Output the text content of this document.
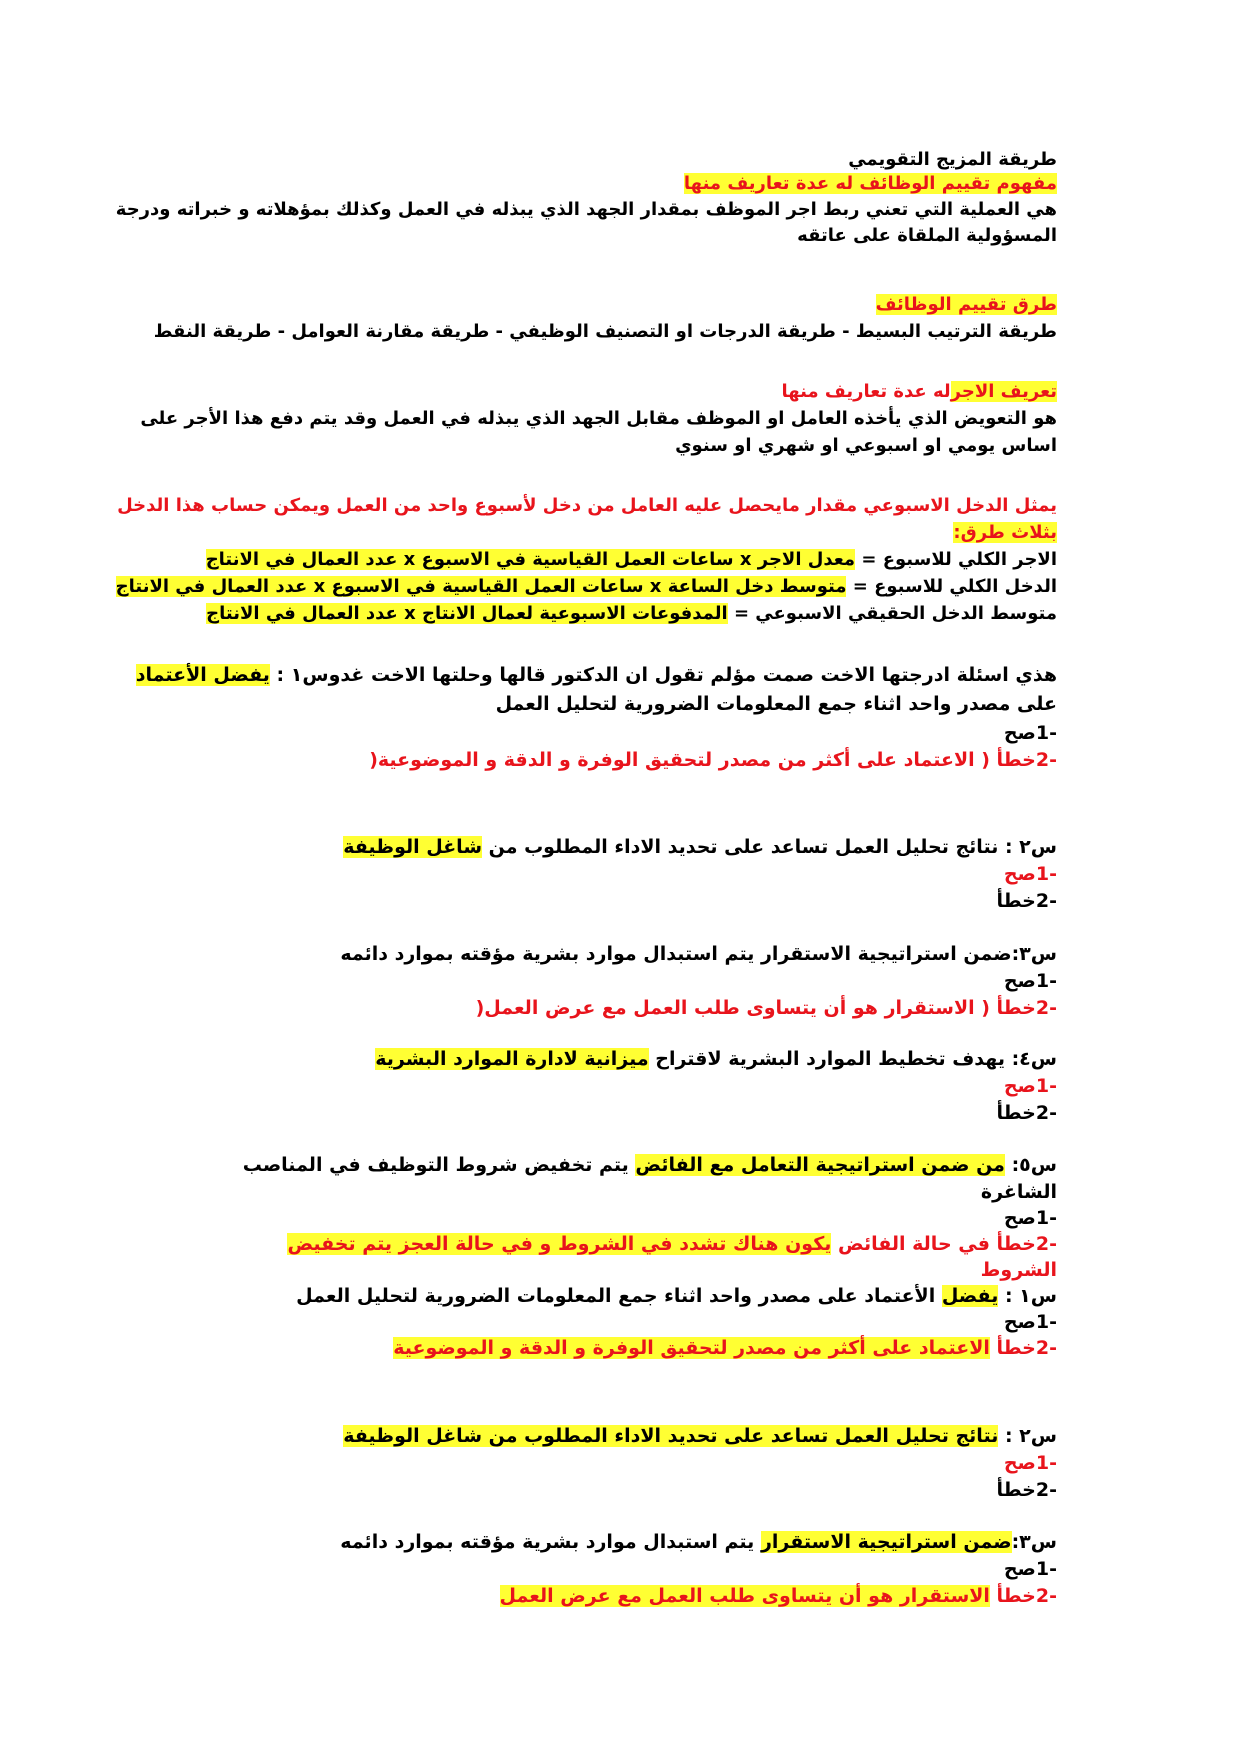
طريقة المزيج التقويمي
مفهوم تقييم الوظائف له عدة تعاريف منها
هي العملية التي تعني ربط اجر الموظف بمقدار الجهد الذي يبذله في العمل وكذلك بمؤهلاته و خبراته ودرجة
المسؤولية الملقاة على عاتقه
طرق تقييم الوظائف
طريقة الترتيب البسيط - طريقة الدرجات او التصنيف الوظيفي - طريقة مقارنة العوامل - طريقة النقط
تعريف الاجرله عدة تعاريف منها
هو التعويض الذي يأخذه العامل او الموظف مقابل الجهد الذي يبذله في العمل وقد يتم دفع هذا الأجر على
اساس يومي او اسبوعي او شهري او سنوي
يمثل الدخل الاسبوعي مقدار مايحصل عليه العامل من دخل لأسبوع واحد من العمل ويمكن حساب هذا الدخل
بثلاث طرق:
الاجر الكلي للاسبوع = معدل الاجر x ساعات العمل القياسية في الاسبوع x عدد العمال في الانتاج
الدخل الكلي للاسبوع = متوسط دخل الساعة x ساعات العمل القياسية في الاسبوع x عدد العمال في الانتاج
متوسط الدخل الحقيقي الاسبوعي = المدفوعات الاسبوعية لعمال الانتاج x عدد العمال في الانتاج
هذي اسئلة ادرجتها الاخت صمت مؤلم تقول ان الدكتور قالها وحلتها الاخت غدوس١ : يفضل الأعتماد
على مصدر واحد اثناء جمع المعلومات الضرورية لتحليل العمل
-1صح
-2خطأ ( الاعتماد على أكثر من مصدر لتحقيق الوفرة و الدقة و الموضوعية(
س٢ : نتائج تحليل العمل تساعد على تحديد الاداء المطلوب من شاغل الوظيفة
-1صح
-2خطأ
س٣:ضمن استراتيجية الاستقرار يتم استبدال موارد بشرية مؤقته بموارد دائمه
-1صح
-2خطأ ( الاستقرار هو أن يتساوى طلب العمل مع عرض العمل(
س٤: يهدف تخطيط الموارد البشرية لاقتراح ميزانية لادارة الموارد البشرية
-1صح
-2خطأ
س٥: من ضمن استراتيجية التعامل مع الفائض يتم تخفيض شروط التوظيف في المناصب
الشاغرة
-1صح
-2خطأ في حالة الفائض يكون هناك تشدد في الشروط و في حالة العجز يتم تخفيض
الشروط
س١ : يفضل الأعتماد على مصدر واحد اثناء جمع المعلومات الضرورية لتحليل العمل
-1صح
-2خطأ الاعتماد على أكثر من مصدر لتحقيق الوفرة و الدقة و الموضوعية
س٢ : نتائج تحليل العمل تساعد على تحديد الاداء المطلوب من شاغل الوظيفة
-1صح
-2خطأ
س٣:ضمن استراتيجية الاستقرار يتم استبدال موارد بشرية مؤقته بموارد دائمه
-1صح
-2خطأ الاستقرار هو أن يتساوى طلب العمل مع عرض العمل
